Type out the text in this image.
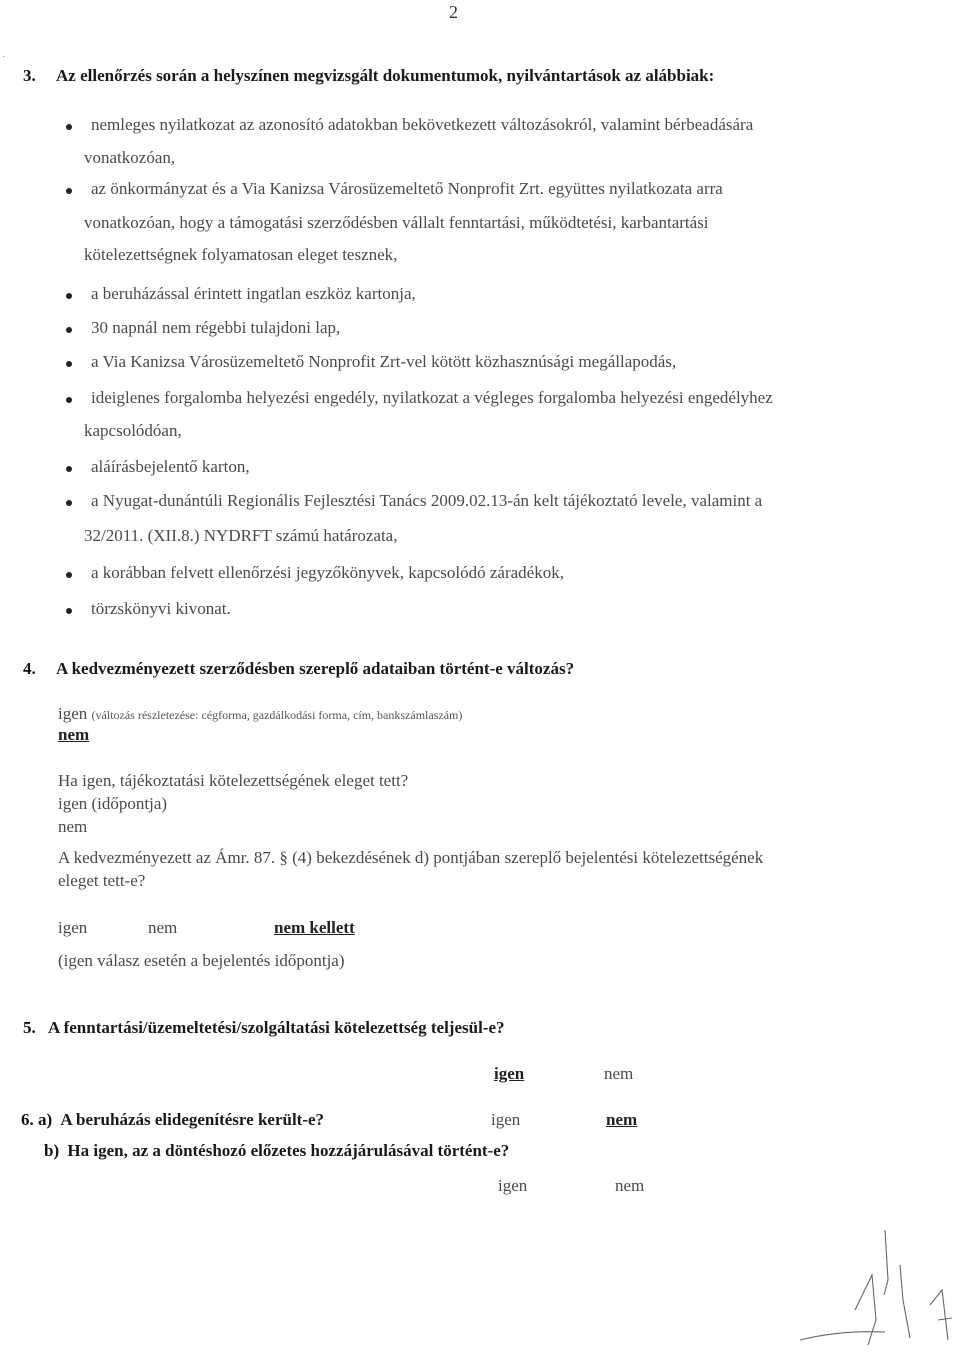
2
3. Az ellenőrzés során a helyszínen megvizsgált dokumentumok, nyilvántartások az alábbiak:
nemleges nyilatkozat az azonosító adatokban bekövetkezett változásokról, valamint bérbeadására
vonatkozóan,
az önkormányzat és a Via Kanizsa Városüzemeltető Nonprofit Zrt. együttes nyilatkozata arra
vonatkozóan, hogy a támogatási szerződésben vállalt fenntartási, működtetési, karbantartási
kötelezettségnek folyamatosan eleget tesznek,
a beruházással érintett ingatlan eszköz kartonja,
30 napnál nem régebbi tulajdoni lap,
a Via Kanizsa Városüzemeltető Nonprofit Zrt-vel kötött közhasznúsági megállapodás,
ideiglenes forgalomba helyezési engedély, nyilatkozat a végleges forgalomba helyezési engedélyhez
kapcsolódóan,
aláírásbejelentő karton,
a Nyugat-dunántúli Regionális Fejlesztési Tanács 2009.02.13-án kelt tájékoztató levele, valamint a
32/2011. (XII.8.) NYDRFT számú határozata,
a korábban felvett ellenőrzési jegyzőkönyvek, kapcsolódó záradékok,
törzskönyvi kivonat.
4. A kedvezményezett szerződésben szereplő adataiban történt-e változás?
igen (változás részletezése: cégforma, gazdálkodási forma, cím, bankszámlaszám)
nem
Ha igen, tájékoztatási kötelezettségének eleget tett?
igen (időpontja)
nem
A kedvezményezett az Ámr. 87. § (4) bekezdésének d) pontjában szereplő bejelentési kötelezettségének
eleget tett-e?
igen	nem	nem kellett
(igen válasz esetén a bejelentés időpontja)
5. A fenntartási/üzemeltetési/szolgáltatási kötelezettség teljesül-e?
igen	nem
6. a) A beruházás elidegenítésre került-e?	igen	nem
b) Ha igen, az a döntéshozó előzetes hozzájárulásával történt-e?
igen	nem
·
